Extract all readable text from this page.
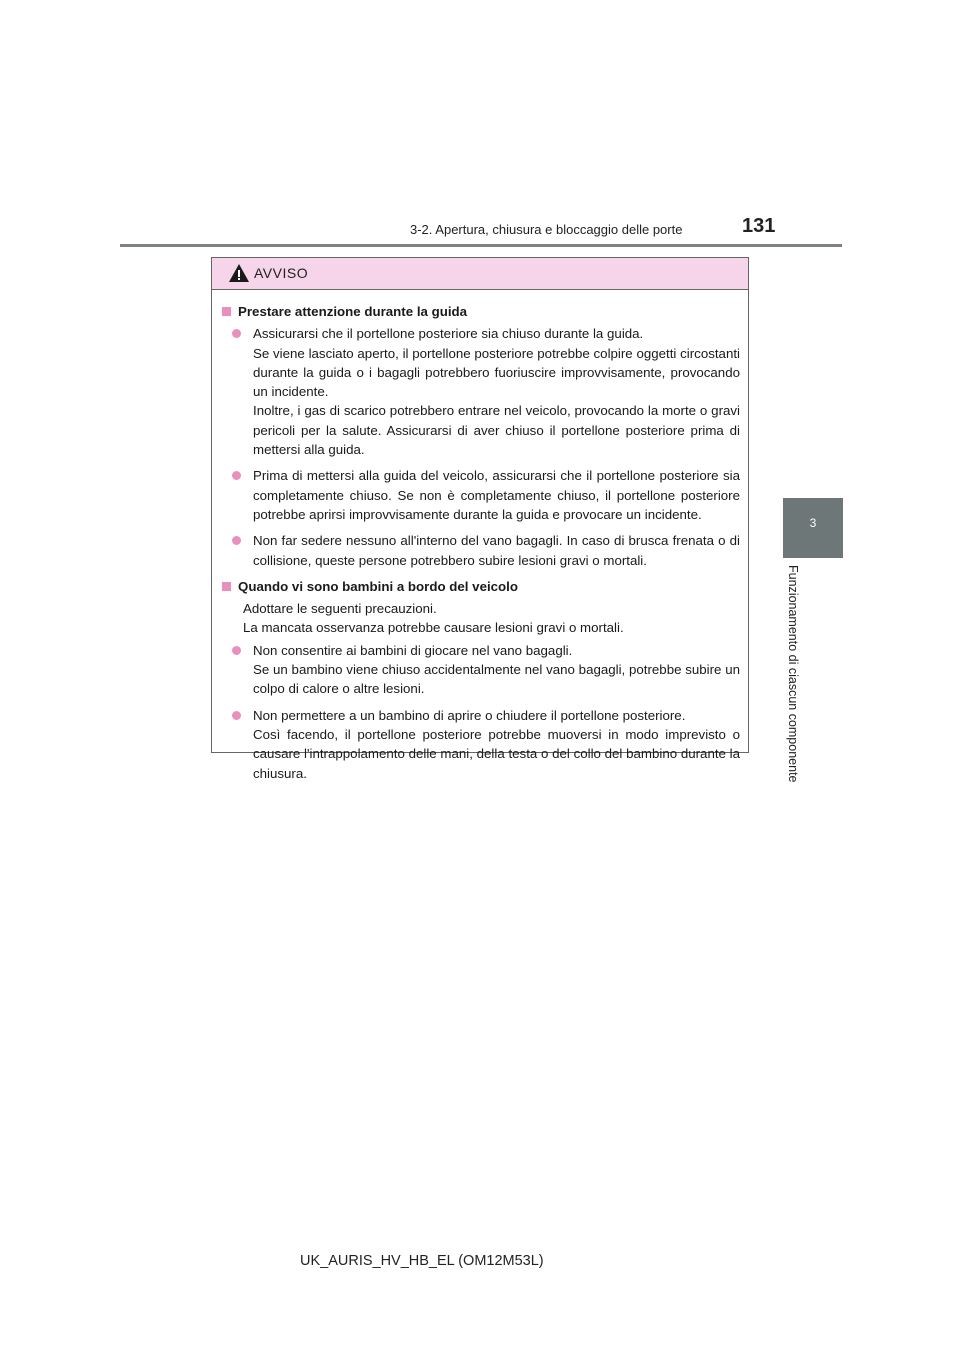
3-2. Apertura, chiusura e bloccaggio delle porte	131
3
Funzionamento di ciascun componente
AVVISO
Prestare attenzione durante la guida

Assicurarsi che il portellone posteriore sia chiuso durante la guida.

Se viene lasciato aperto, il portellone posteriore potrebbe colpire oggetti circostanti durante la guida o i bagagli potrebbero fuoriuscire improvvisamente, provocando un incidente.

Inoltre, i gas di scarico potrebbero entrare nel veicolo, provocando la morte o gravi pericoli per la salute. Assicurarsi di aver chiuso il portellone posteriore prima di mettersi alla guida.

Prima di mettersi alla guida del veicolo, assicurarsi che il portellone posteriore sia completamente chiuso. Se non è completamente chiuso, il portellone posteriore potrebbe aprirsi improvvisamente durante la guida e provocare un incidente.

Non far sedere nessuno all'interno del vano bagagli. In caso di brusca frenata o di collisione, queste persone potrebbero subire lesioni gravi o mortali.

Quando vi sono bambini a bordo del veicolo

Adottare le seguenti precauzioni.

La mancata osservanza potrebbe causare lesioni gravi o mortali.

Non consentire ai bambini di giocare nel vano bagagli.

Se un bambino viene chiuso accidentalmente nel vano bagagli, potrebbe subire un colpo di calore o altre lesioni.

Non permettere a un bambino di aprire o chiudere il portellone posteriore.

Così facendo, il portellone posteriore potrebbe muoversi in modo imprevisto o causare l'intrappolamento delle mani, della testa o del collo del bambino durante la chiusura.

UK_AURIS_HV_HB_EL (OM12M53L)
